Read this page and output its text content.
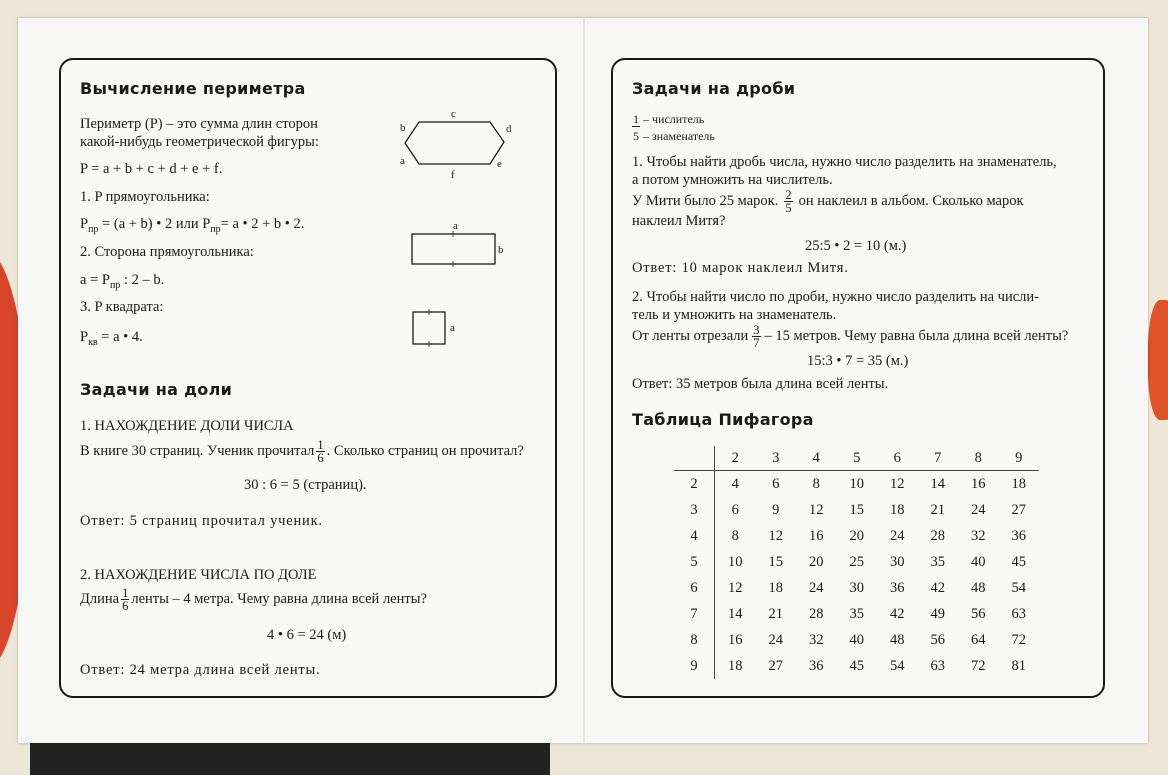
Вычисление периметра
Периметр (P) – это сумма длин сторон
какой-нибудь геометрической фигуры:
P = a + b + c + d + e + f.
1. P прямоугольника:
$P_{пр} = (a + b)$ • 2 или $P_{пр}= a$ • 2 + b • 2.
2. Сторона прямоугольника:
$a = P_{пр}$ : 2 – b.
3. P квадрата:
$P_{кв} = a$ • 4.
c
b	d
a	e
f
a
b
a
Задачи на доли
1. НАХОЖДЕНИЕ ДОЛИ ЧИСЛА
В книге 30 страниц. Ученик прочитал $\frac{1}{6}$ . Сколько страниц он прочитал?
30 : 6 = 5 (страниц).
Ответ: 5 страниц прочитал ученик.
2. НАХОЖДЕНИЕ ЧИСЛА ПО ДОЛЕ
Длина $\frac{1}{6}$ ленты – 4 метра. Чему равна длина всей ленты?
4 • 6 = 24 (м)
Ответ: 24 метра длина всей ленты.
Задачи на дроби
1 – числитель
5 – знаменатель
1. Чтобы найти дробь числа, нужно число разделить на знаменатель,
а потом умножить на числитель.
У Мити было 25 марок. $\frac{2}{5}$ он наклеил в альбом. Сколько марок
наклеил Митя?
25:5 • 2 = 10 (м.)
Ответ: 10 марок наклеил Митя.
2. Чтобы найти число по дроби, нужно число разделить на числи-
тель и умножить на знаменатель.
От ленты отрезали $\frac{3}{7} - 15$ метров. Чему равна была длина всей ленты?
15:3 • 7 = 35 (м.)
Ответ: 35 метров была длина всей ленты.
Таблица Пифагора
	2	3	4	5	6	7	8	9
2	4	6	8	10	12	14	16	18
3	6	9	12	15	18	21	24	27
4	8	12	16	20	24	28	32	36
5	10	15	20	25	30	35	40	45
6	12	18	24	30	36	42	48	54
7	14	21	28	35	42	49	56	63
8	16	24	32	40	48	56	64	72
9	18	27	36	45	54	63	72	81
